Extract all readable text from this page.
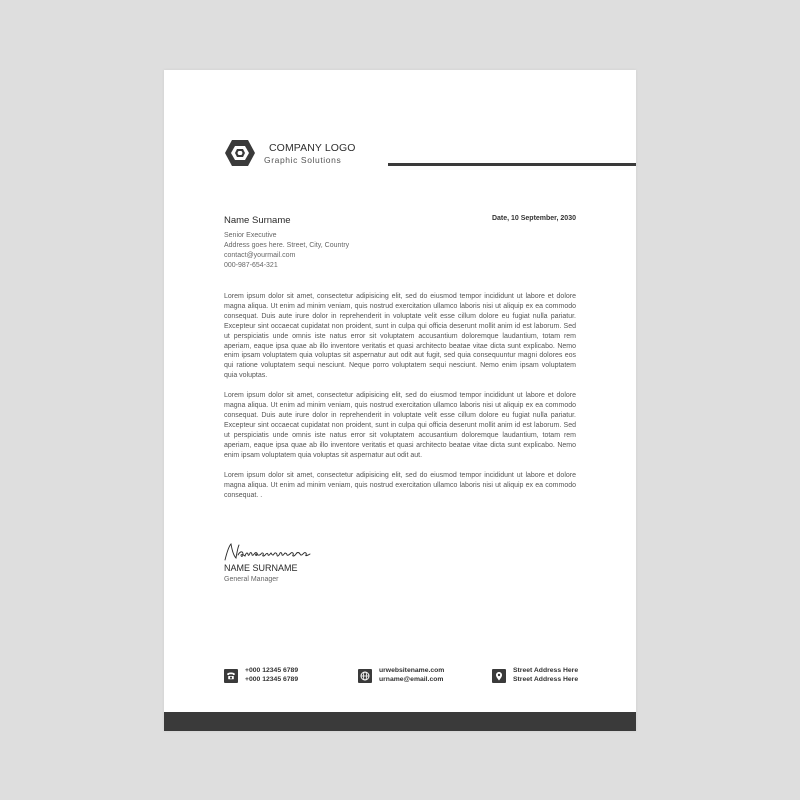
COMPANY LOGO
Graphic Solutions
Name Surname	Date, 10 September, 2030
Senior Executive
Address goes here. Street, City, Country
contact@yourmail.com
000-987-654-321

Lorem ipsum dolor sit amet, consectetur adipisicing elit, sed do eiusmod tempor incididunt ut labore et dolore magna aliqua. Ut enim ad minim veniam, quis nostrud exercitation ullamco laboris nisi ut aliquip ex ea commodo consequat. Duis aute irure dolor in reprehenderit in voluptate velit esse cillum dolore eu fugiat nulla pariatur. Excepteur sint occaecat cupidatat non proident, sunt in culpa qui officia deserunt mollit anim id est laborum. Sed ut perspiciatis unde omnis iste natus error sit voluptatem accusantium doloremque laudantium, totam rem aperiam, eaque ipsa quae ab illo inventore veritatis et quasi architecto beatae vitae dicta sunt explicabo. Nemo enim ipsam voluptatem quia voluptas sit aspernatur aut odit aut fugit, sed quia consequuntur magni dolores eos qui ratione voluptatem sequi nesciunt. Neque porro voluptatem sequi nesciunt. Nemo enim ipsam voluptatem quia voluptas.

Lorem ipsum dolor sit amet, consectetur adipisicing elit, sed do eiusmod tempor incididunt ut labore et dolore magna aliqua. Ut enim ad minim veniam, quis nostrud exercitation ullamco laboris nisi ut aliquip ex ea commodo consequat. Duis aute irure dolor in reprehenderit in voluptate velit esse cillum dolore eu fugiat nulla pariatur. Excepteur sint occaecat cupidatat non proident, sunt in culpa qui officia deserunt mollit anim id est laborum. Sed ut perspiciatis unde omnis iste natus error sit voluptatem accusantium doloremque laudantium, totam rem aperiam, eaque ipsa quae ab illo inventore veritatis et quasi architecto beatae vitae dicta sunt explicabo. Nemo enim ipsam voluptatem quia voluptas sit aspernatur aut odit aut.

Lorem ipsum dolor sit amet, consectetur adipisicing elit, sed do eiusmod tempor incididunt ut labore et dolore magna aliqua. Ut enim ad minim veniam, quis nostrud exercitation ullamco laboris nisi ut aliquip ex ea commodo consequat. .

NAME SURNAME
General Manager
+000 12345 6789
+000 12345 6789
urwebsitename.com
urname@email.com
Street Address Here
Street Address Here
